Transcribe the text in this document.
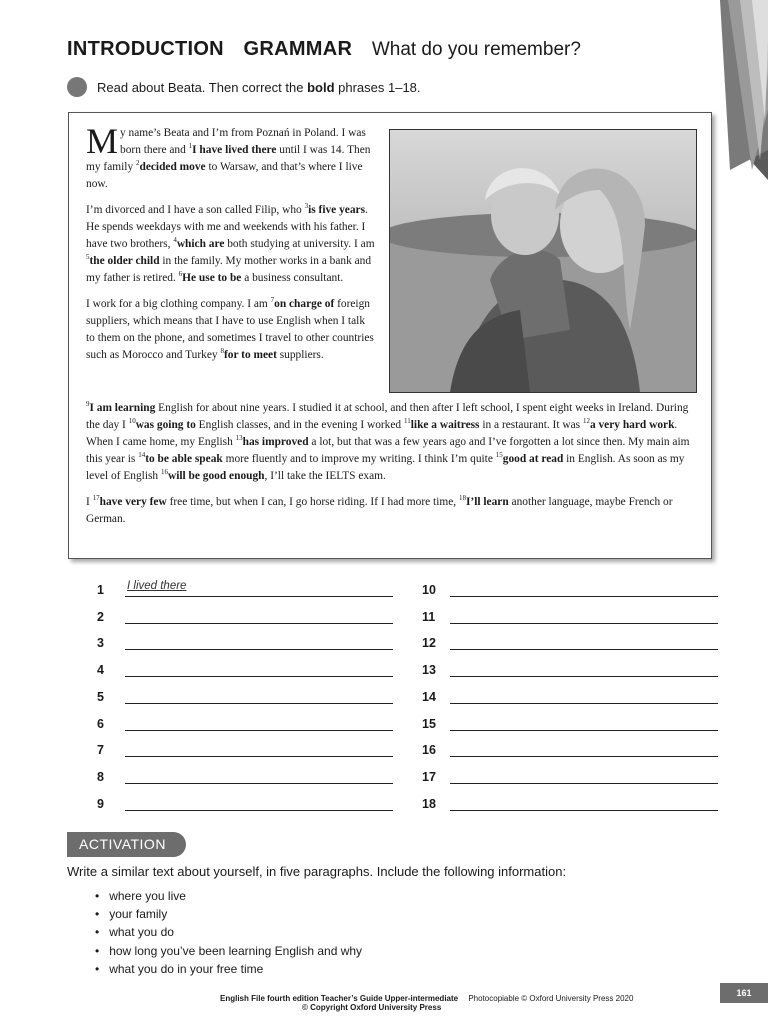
INTRODUCTION GRAMMAR What do you remember?
Read about Beata. Then correct the bold phrases 1–18.

My name’s Beata and I’m from Poznań in Poland. I was born there and $^1$I have lived there until I was 14. Then my family $^2$decided move to Warsaw, and that’s where I live now.

I’m divorced and I have a son called Filip, who $^3$is five years. He spends weekdays with me and weekends with his father. I have two brothers, $^4$which are both studying at university. I am $^5$the older child in the family. My mother works in a bank and my father is retired. $^6$He use to be a business consultant.

I work for a big clothing company. I am $^7$on charge of foreign suppliers, which means that I have to use English when I talk to them on the phone, and sometimes I travel to other countries such as Morocco and Turkey $^8$for to meet suppliers.

$^9$I am learning English for about nine years. I studied it at school, and then after I left school, I spent eight weeks in Ireland. During the day I $^{10}$was going to English classes, and in the evening I worked $^{11}$like a waitress in a restaurant. It was $^{12}$a very hard work. When I came home, my English $^{13}$has improved a lot, but that was a few years ago and I’ve forgotten a lot since then. My main aim this year is $^{14}$to be able speak more fluently and to improve my writing. I think I’m quite $^{15}$good at read in English. As soon as my level of English $^{16}$will be good enough, I’ll take the IELTS exam.

I $^{17}$have very few free time, but when I can, I go horse riding. If I had more time, $^{18}$I’ll learn another language, maybe French or German.

1	I lived there
2
3
4
5
6
7
8
9
10
11
12
13
14
15
16
17
18
ACTIVATION
Write a similar text about yourself, in five paragraphs. Include the following information:
• where you live
• your family
• what you do
• how long you’ve been learning English and why
• what you do in your free time
English File fourth edition Teacher’s Guide Upper-intermediate Photocopiable © Oxford University Press 2020
© Copyright Oxford University Press
161
